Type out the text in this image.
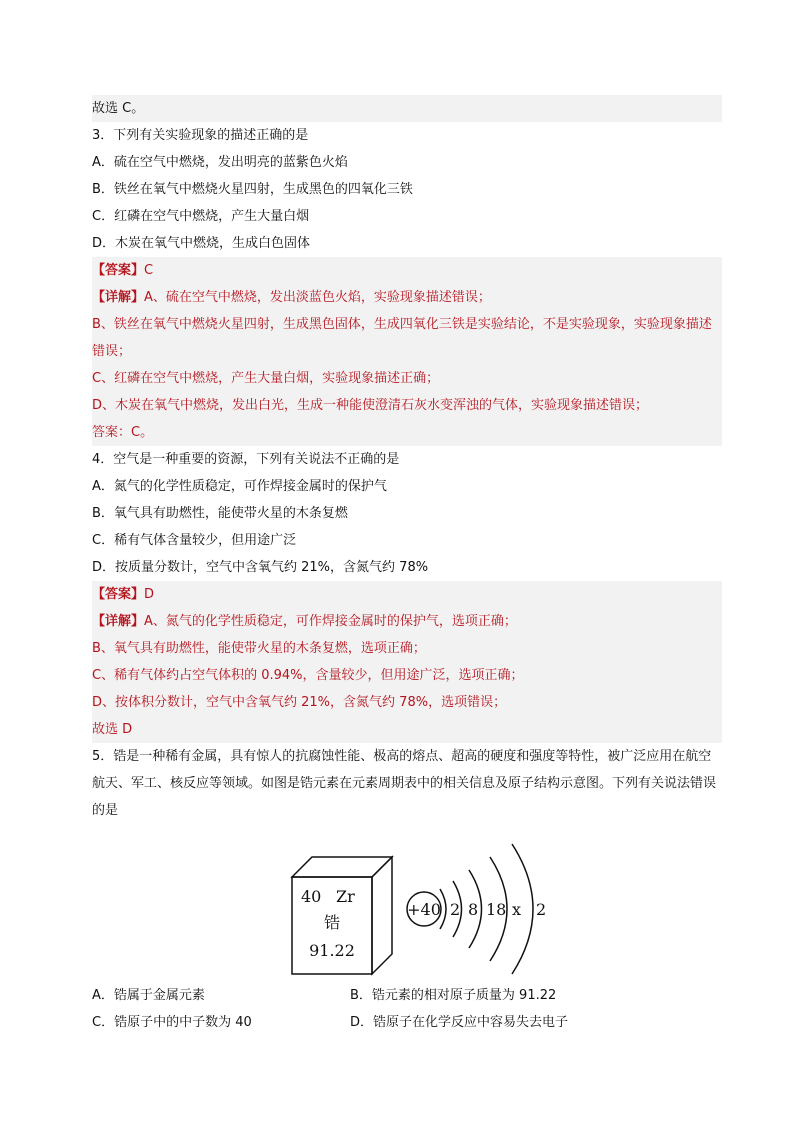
故选 C。
3．下列有关实验现象的描述正确的是
A．硫在空气中燃烧，发出明亮的蓝紫色火焰
B．铁丝在氧气中燃烧火星四射，生成黑色的四氧化三铁
C．红磷在空气中燃烧，产生大量白烟
D．木炭在氧气中燃烧，生成白色固体
【答案】C
【详解】A、硫在空气中燃烧，发出淡蓝色火焰，实验现象描述错误；
B、铁丝在氧气中燃烧火星四射，生成黑色固体，生成四氧化三铁是实验结论，不是实验现象，实验现象描述错误；
C、红磷在空气中燃烧，产生大量白烟，实验现象描述正确；
D、木炭在氧气中燃烧，发出白光，生成一种能使澄清石灰水变浑浊的气体，实验现象描述错误；
答案：C。
4．空气是一种重要的资源，下列有关说法不正确的是
A．氮气的化学性质稳定，可作焊接金属时的保护气
B．氧气具有助燃性，能使带火星的木条复燃
C．稀有气体含量较少，但用途广泛
D．按质量分数计，空气中含氧气约 21%，含氮气约 78%
【答案】D
【详解】A、氮气的化学性质稳定，可作焊接金属时的保护气，选项正确；
B、氧气具有助燃性，能使带火星的木条复燃，选项正确；
C、稀有气体约占空气体积的 0.94%，含量较少，但用途广泛，选项正确；
D、按体积分数计，空气中含氧气约 21%，含氮气约 78%，选项错误；
故选 D
5．锆是一种稀有金属，具有惊人的抗腐蚀性能、极高的熔点、超高的硬度和强度等特性，被广泛应用在航空航天、军工、核反应等领域。如图是锆元素在元素周期表中的相关信息及原子结构示意图。下列有关说法错误的是
40 Zr
锆
91.22
+40 2 8 18 x 2
A．锆属于金属元素	B．锆元素的相对原子质量为 91.22
C．锆原子中的中子数为 40	D．锆原子在化学反应中容易失去电子
